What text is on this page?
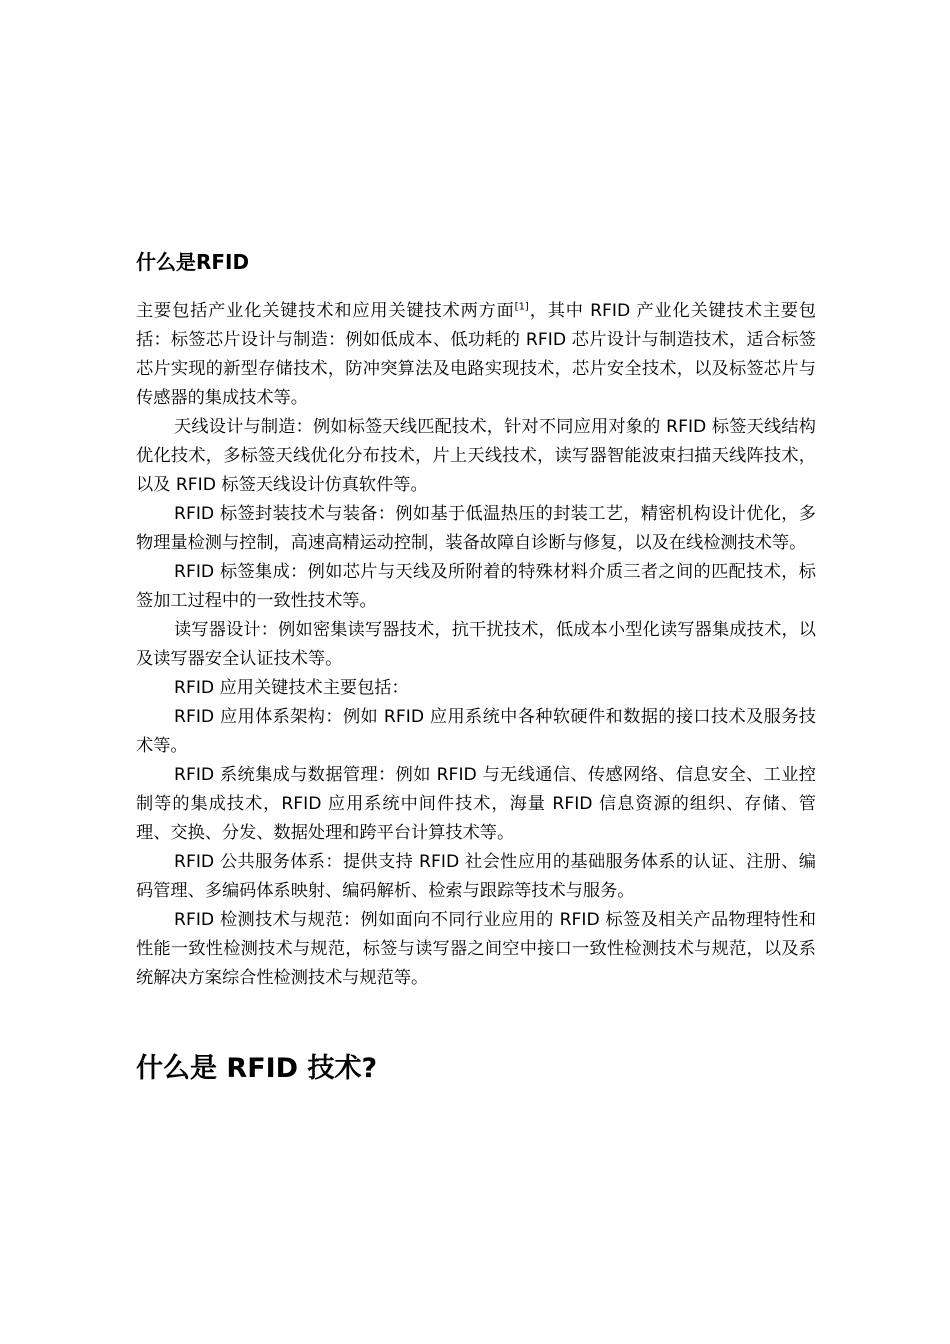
什么是RFID

主要包括产业化关键技术和应用关键技术两方面[1]，其中 RFID 产业化关键技术主要包括：标签芯片设计与制造：例如低成本、低功耗的 RFID 芯片设计与制造技术，适合标签芯片实现的新型存储技术，防冲突算法及电路实现技术，芯片安全技术，以及标签芯片与传感器的集成技术等。

天线设计与制造：例如标签天线匹配技术，针对不同应用对象的 RFID 标签天线结构优化技术，多标签天线优化分布技术，片上天线技术，读写器智能波束扫描天线阵技术，以及 RFID 标签天线设计仿真软件等。

RFID 标签封装技术与装备：例如基于低温热压的封装工艺，精密机构设计优化，多物理量检测与控制，高速高精运动控制，装备故障自诊断与修复，以及在线检测技术等。

RFID 标签集成：例如芯片与天线及所附着的特殊材料介质三者之间的匹配技术，标签加工过程中的一致性技术等。

读写器设计：例如密集读写器技术，抗干扰技术，低成本小型化读写器集成技术，以及读写器安全认证技术等。

RFID 应用关键技术主要包括：

RFID 应用体系架构：例如 RFID 应用系统中各种软硬件和数据的接口技术及服务技术等。

RFID 系统集成与数据管理：例如 RFID 与无线通信、传感网络、信息安全、工业控制等的集成技术，RFID 应用系统中间件技术，海量 RFID 信息资源的组织、存储、管理、交换、分发、数据处理和跨平台计算技术等。

RFID 公共服务体系：提供支持 RFID 社会性应用的基础服务体系的认证、注册、编码管理、多编码体系映射、编码解析、检索与跟踪等技术与服务。

RFID 检测技术与规范：例如面向不同行业应用的 RFID 标签及相关产品物理特性和性能一致性检测技术与规范，标签与读写器之间空中接口一致性检测技术与规范，以及系统解决方案综合性检测技术与规范等。

什么是 RFID 技术?
